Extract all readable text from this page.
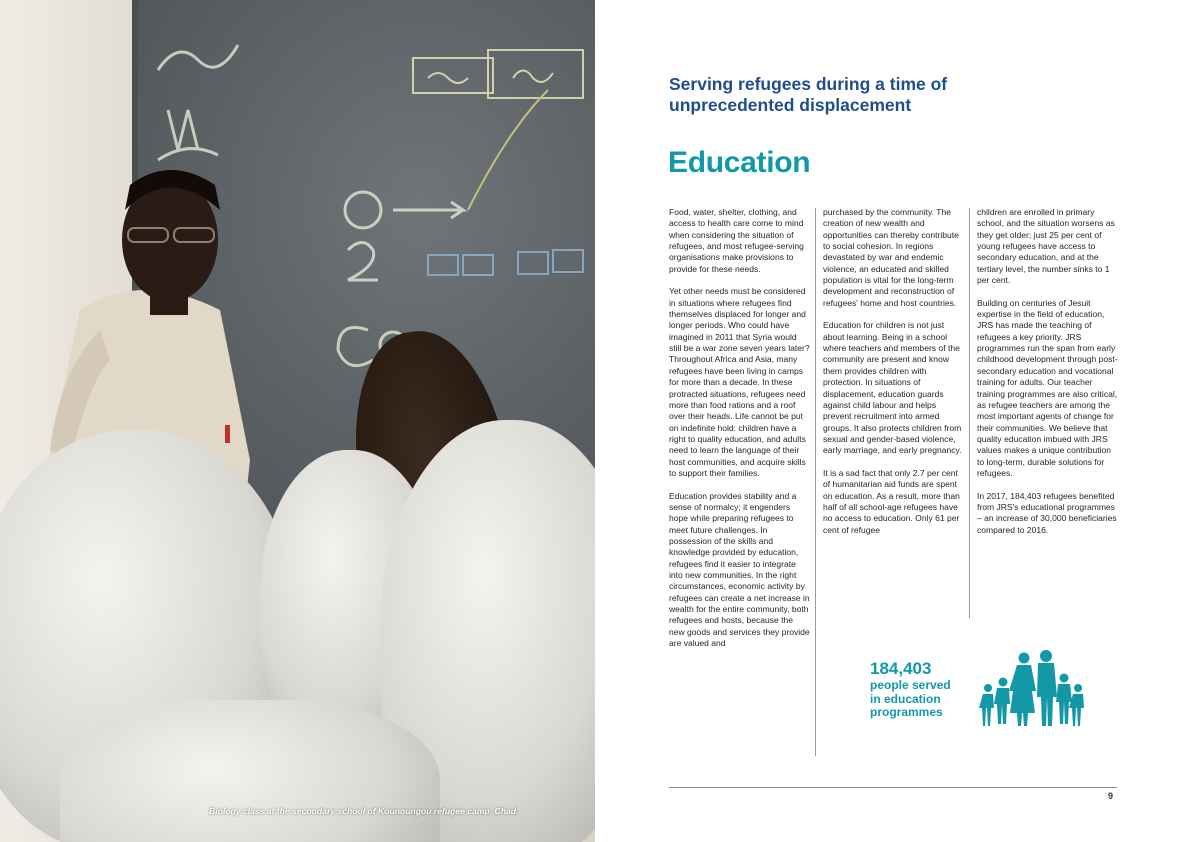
Biology class at the secondary school of Kounoungou refugee camp, Chad.
Serving refugees during a time of unprecedented displacement
Education

Food, water, shelter, clothing, and access to health care come to mind when considering the situation of refugees, and most refugee-serving organisations make provisions to provide for these needs.

Yet other needs must be considered in situations where refugees find themselves displaced for longer and longer periods. Who could have imagined in 2011 that Syria would still be a war zone seven years later? Throughout Africa and Asia, many refugees have been living in camps for more than a decade. In these protracted situations, refugees need more than food rations and a roof over their heads. Life cannot be put on indefinite hold: children have a right to quality education, and adults need to learn the language of their host communities, and acquire skills to support their families.

Education provides stability and a sense of normalcy; it engenders hope while preparing refugees to meet future challenges. In possession of the skills and knowledge provided by education, refugees find it easier to integrate into new communities. In the right circumstances, economic activity by refugees can create a net increase in wealth for the entire community, both refugees and hosts, because the new goods and services they provide are valued and

purchased by the community. The creation of new wealth and opportunities can thereby contribute to social cohesion. In regions devastated by war and endemic violence, an educated and skilled population is vital for the long-term development and reconstruction of refugees' home and host countries.

Education for children is not just about learning. Being in a school where teachers and members of the community are present and know them provides children with protection. In situations of displacement, education guards against child labour and helps prevent recruitment into armed groups. It also protects children from sexual and gender-based violence, early marriage, and early pregnancy.

It is a sad fact that only 2.7 per cent of humanitarian aid funds are spent on education. As a result, more than half of all school-age refugees have no access to education. Only 61 per cent of refugee

children are enrolled in primary school, and the situation worsens as they get older; just 25 per cent of young refugees have access to secondary education, and at the tertiary level, the number sinks to 1 per cent.

Building on centuries of Jesuit expertise in the field of education, JRS has made the teaching of refugees a key priority. JRS programmes run the span from early childhood development through post-secondary education and vocational training for adults. Our teacher training programmes are also critical, as refugee teachers are among the most important agents of change for their communities. We believe that quality education imbued with JRS values makes a unique contribution to long-term, durable solutions for refugees.

In 2017, 184,403 refugees benefited from JRS's educational programmes – an increase of 30,000 beneficiaries compared to 2016.

184,403
people served
in education
programmes
9
